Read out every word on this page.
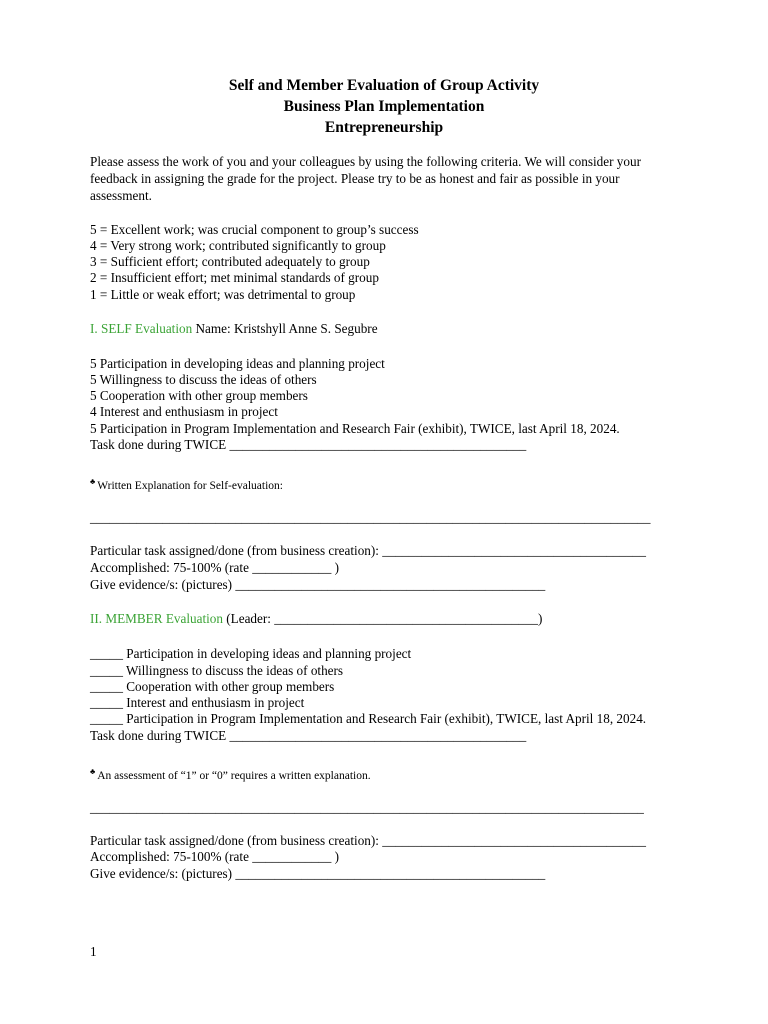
Self and Member Evaluation of Group Activity
Business Plan Implementation
Entrepreneurship
Please assess the work of you and your colleagues by using the following criteria. We will consider your
feedback in assigning the grade for the project. Please try to be as honest and fair as possible in your
assessment.
5 = Excellent work; was crucial component to group’s success
4 = Very strong work; contributed significantly to group
3 = Sufficient effort; contributed adequately to group
2 = Insufficient effort; met minimal standards of group
1 = Little or weak effort; was detrimental to group
I. SELF Evaluation Name: Kristshyll Anne S. Segubre
5 Participation in developing ideas and planning project
5 Willingness to discuss the ideas of others
5 Cooperation with other group members
4 Interest and enthusiasm in project
5 Participation in Program Implementation and Research Fair (exhibit), TWICE, last April 18, 2024.
Task done during TWICE _____________________________________________
♣ Written Explanation for Self-evaluation:
_____________________________________________________________________________________
Particular task assigned/done (from business creation): ________________________________________
Accomplished: 75-100% (rate ____________ )
Give evidence/s: (pictures) _______________________________________________
II. MEMBER Evaluation (Leader: ________________________________________)
_____ Participation in developing ideas and planning project
_____ Willingness to discuss the ideas of others
_____ Cooperation with other group members
_____ Interest and enthusiasm in project
_____ Participation in Program Implementation and Research Fair (exhibit), TWICE, last April 18, 2024.
Task done during TWICE _____________________________________________
♣ An assessment of “1” or “0” requires a written explanation.
____________________________________________________________________________________
Particular task assigned/done (from business creation): ________________________________________
Accomplished: 75-100% (rate ____________ )
Give evidence/s: (pictures) _______________________________________________
1
